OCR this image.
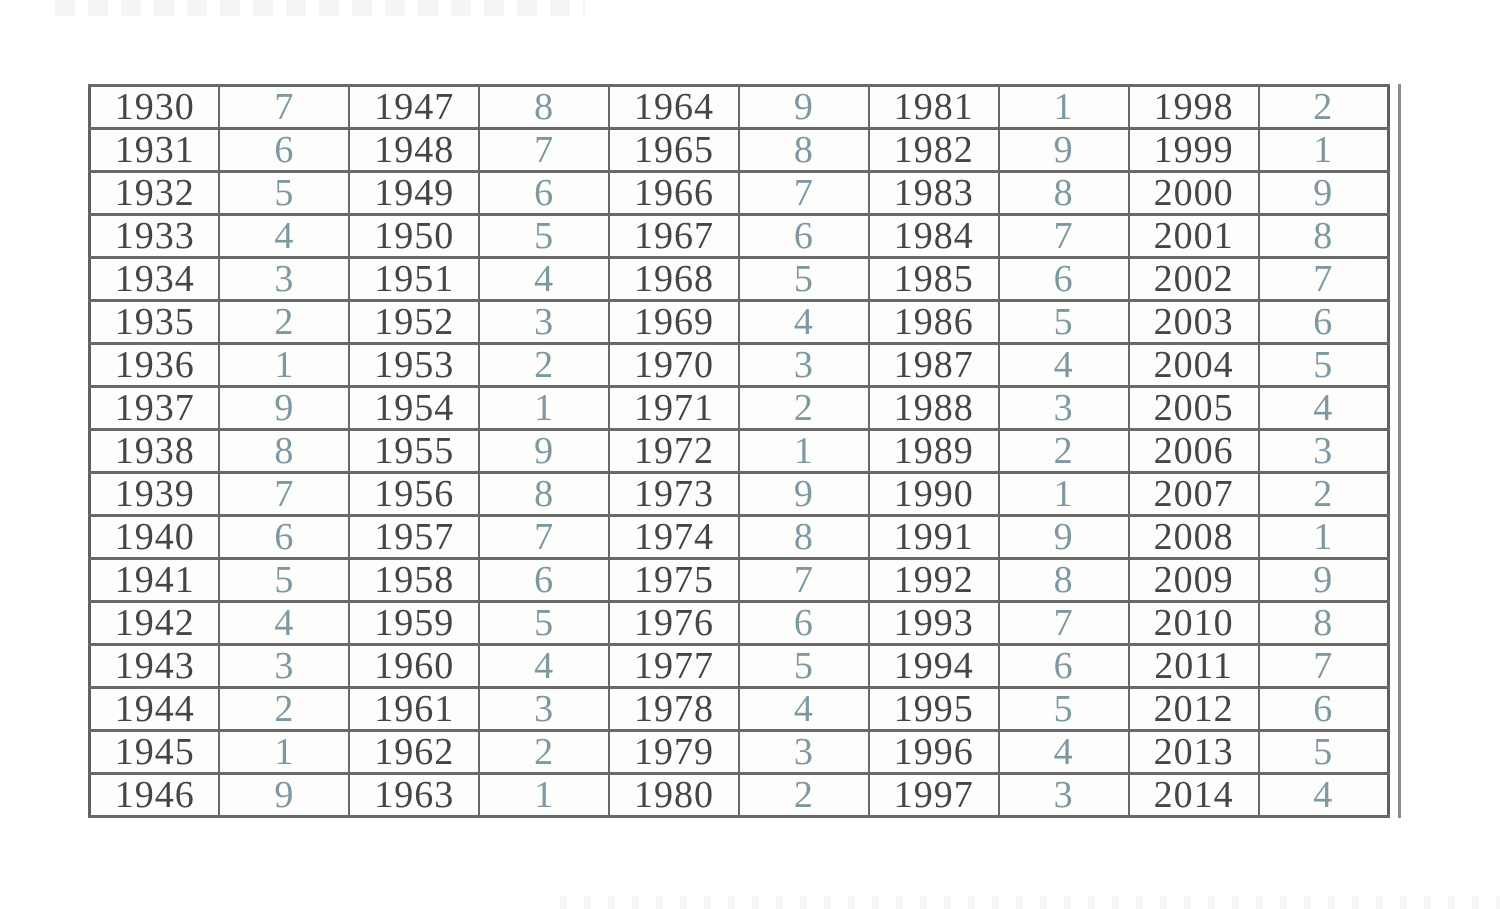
1930	7	1947	8	1964	9	1981	1	1998	2
1931	6	1948	7	1965	8	1982	9	1999	1
1932	5	1949	6	1966	7	1983	8	2000	9
1933	4	1950	5	1967	6	1984	7	2001	8
1934	3	1951	4	1968	5	1985	6	2002	7
1935	2	1952	3	1969	4	1986	5	2003	6
1936	1	1953	2	1970	3	1987	4	2004	5
1937	9	1954	1	1971	2	1988	3	2005	4
1938	8	1955	9	1972	1	1989	2	2006	3
1939	7	1956	8	1973	9	1990	1	2007	2
1940	6	1957	7	1974	8	1991	9	2008	1
1941	5	1958	6	1975	7	1992	8	2009	9
1942	4	1959	5	1976	6	1993	7	2010	8
1943	3	1960	4	1977	5	1994	6	2011	7
1944	2	1961	3	1978	4	1995	5	2012	6
1945	1	1962	2	1979	3	1996	4	2013	5
1946	9	1963	1	1980	2	1997	3	2014	4
